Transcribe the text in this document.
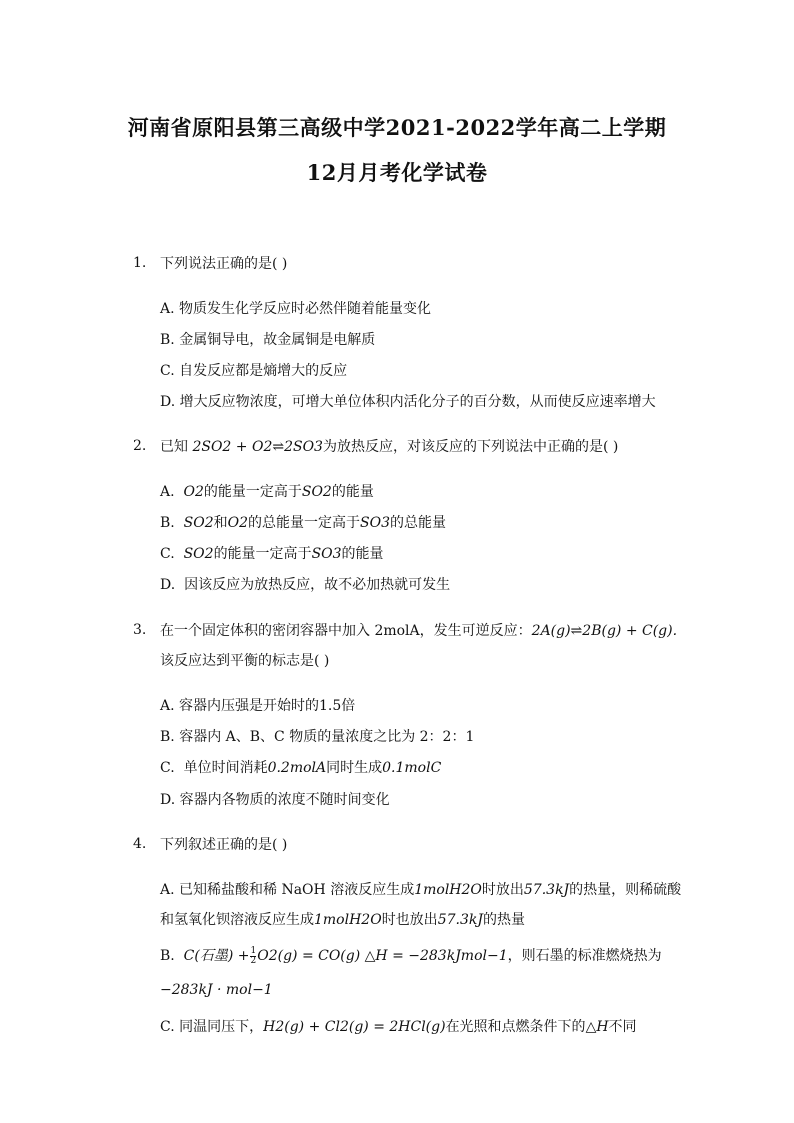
河南省原阳县第三高级中学2021-2022学年高二上学期
12月月考化学试卷
1. 下列说法正确的是( )
A. 物质发生化学反应时必然伴随着能量变化
B. 金属铜导电，故金属铜是电解质
C. 自发反应都是熵增大的反应
D. 增大反应物浓度，可增大单位体积内活化分子的百分数，从而使反应速率增大
2. 已知 2SO2 + O2⇌2SO3为放热反应，对该反应的下列说法中正确的是( )
A. O2的能量一定高于SO2的能量
B. SO2和O2的总能量一定高于SO3的总能量
C. SO2的能量一定高于SO3的能量
D. 因该反应为放热反应，故不必加热就可发生
3. 在一个固定体积的密闭容器中加入 2molA，发生可逆反应：2A(g)⇌2B(g) + C(g).
该反应达到平衡的标志是( )
A. 容器内压强是开始时的1.5倍
B. 容器内 A、B、C 物质的量浓度之比为 2：2：1
C. 单位时间消耗0.2molA同时生成0.1molC
D. 容器内各物质的浓度不随时间变化
4. 下列叙述正确的是( )
A. 已知稀盐酸和稀 NaOH 溶液反应生成1molH2O时放出57.3kJ的热量，则稀硫酸
和氢氧化钡溶液反应生成1molH2O时也放出57.3kJ的热量
B. C(石墨) + $\frac{1}{2} O2(g) = CO(g)$ △H = −283kJmol−1，则石墨的标准燃烧热为
−283kJ · mol−1
C. 同温同压下，H2(g) + Cl2(g) = 2HCl(g)在光照和点燃条件下的△H不同
